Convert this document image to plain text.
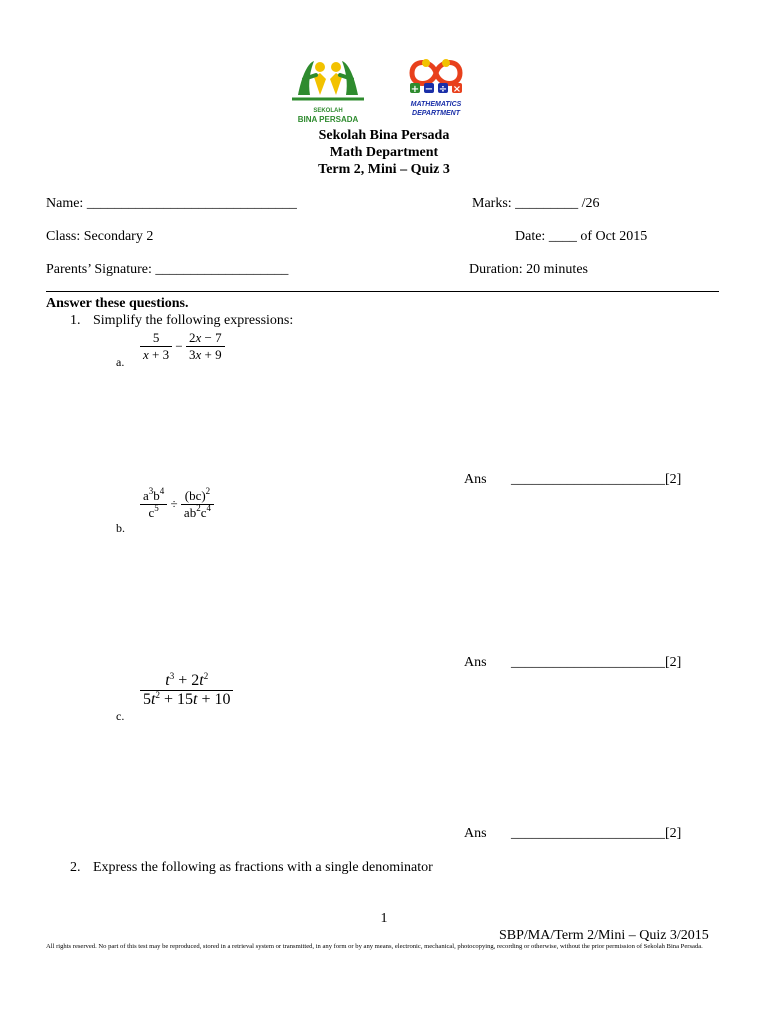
SEKOLAH
BINA PERSADA
+ − ÷ ×
MATHEMATICS
DEPARTMENT
Sekolah Bina Persada
Math Department
Term 2, Mini – Quiz 3
Name: ______________________________	Marks: _________ /26
Class: Secondary 2	Date: ____ of Oct 2015
Parents’ Signature: ___________________	Duration: 20 minutes
Answer these questions.
1. Simplify the following expressions:
a. $\frac{5}{x + 3} - \frac{2x - 7}{3x + 9}$
Ans ______________________[2]
b.
$\frac{a^3b^4}{c^5} \div \frac{(bc)^2}{ab^2c^4}$
Ans ______________________[2]
c.
$\frac{t^3 + 2t^2}{5t^2 + 15t + 10}$
Ans ______________________[2]
2. Express the following as fractions with a single denominator
1
SBP/MA/Term 2/Mini – Quiz 3/2015
All rights reserved. No part of this test may be reproduced, stored in a retrieval system or transmitted, in any form or by any means, electronic, mechanical, photocopying, recording or otherwise, without the prior permission of Sekolah Bina Persada.
